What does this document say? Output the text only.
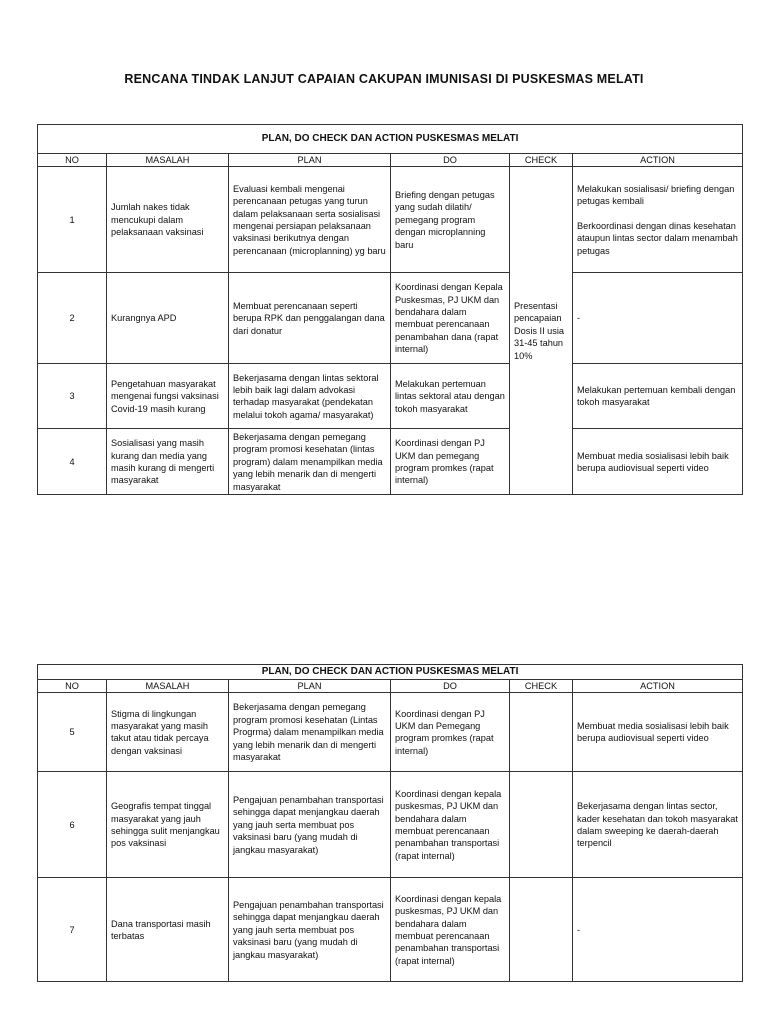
RENCANA TINDAK LANJUT CAPAIAN CAKUPAN IMUNISASI DI PUSKESMAS MELATI
PLAN, DO CHECK DAN ACTION PUSKESMAS MELATI					
NO	MASALAH	PLAN	DO	CHECK	ACTION
1	Jumlah nakes tidak mencukupi dalam pelaksanaan vaksinasi	Evaluasi kembali mengenai perencanaan petugas yang turun dalam pelaksanaan serta sosialisasi mengenai persiapan pelaksanaan vaksinasi berikutnya dengan perencanaan (microplanning) yg baru	Briefing dengan petugas yang sudah dilatih/ pemegang program dengan microplanning baru	Presentasi pencapaian Dosis II usia 31-45 tahun 10%	Melakukan sosialisasi/ briefing dengan petugas kembali

Berkoordinasi dengan dinas kesehatan ataupun lintas sector dalam menambah petugas
2	Kurangnya APD	Membuat perencanaan seperti berupa RPK dan penggalangan dana dari donatur	Koordinasi dengan Kepala Puskesmas, PJ UKM dan bendahara dalam membuat perencanaan penambahan dana (rapat internal)		-
3	Pengetahuan masyarakat mengenai fungsi vaksinasi Covid-19 masih kurang	Bekerjasama dengan lintas sektoral lebih baik lagi dalam advokasi terhadap masyarakat (pendekatan melalui tokoh agama/ masyarakat)	Melakukan pertemuan lintas sektoral atau dengan tokoh masyarakat		Melakukan pertemuan kembali dengan tokoh masyarakat
4	Sosialisasi yang masih kurang dan media yang masih kurang di mengerti masyarakat	Bekerjasama dengan pemegang program promosi kesehatan (lintas program) dalam menampilkan media yang lebih menarik dan di mengerti masyarakat	Koordinasi dengan PJ UKM dan pemegang program promkes (rapat internal)		Membuat media sosialisasi lebih baik berupa audiovisual seperti video
PLAN, DO CHECK DAN ACTION PUSKESMAS MELATI					
NO	MASALAH	PLAN	DO	CHECK	ACTION
5	Stigma di lingkungan masyarakat yang masih takut atau tidak percaya dengan vaksinasi	Bekerjasama dengan pemegang program promosi kesehatan (Lintas Progrma) dalam menampilkan media yang lebih menarik dan di mengerti masyarakat	Koordinasi dengan PJ UKM dan Pemegang program promkes (rapat internal)		Membuat media sosialisasi lebih baik berupa audiovisual seperti video
6	Geografis tempat tinggal masyarakat yang jauh sehingga sulit menjangkau pos vaksinasi	Pengajuan penambahan transportasi sehingga dapat menjangkau daerah yang jauh serta membuat pos vaksinasi baru (yang mudah di jangkau masyarakat)	Koordinasi dengan kepala puskesmas, PJ UKM dan bendahara dalam membuat perencanaan penambahan transportasi (rapat internal)		Bekerjasama dengan lintas sector, kader kesehatan dan tokoh masyarakat dalam sweeping ke daerah-daerah terpencil
7	Dana transportasi masih terbatas	Pengajuan penambahan transportasi sehingga dapat menjangkau daerah yang jauh serta membuat pos vaksinasi baru (yang mudah di jangkau masyarakat)	Koordinasi dengan kepala puskesmas, PJ UKM dan bendahara dalam membuat perencanaan penambahan transportasi (rapat internal)		-
